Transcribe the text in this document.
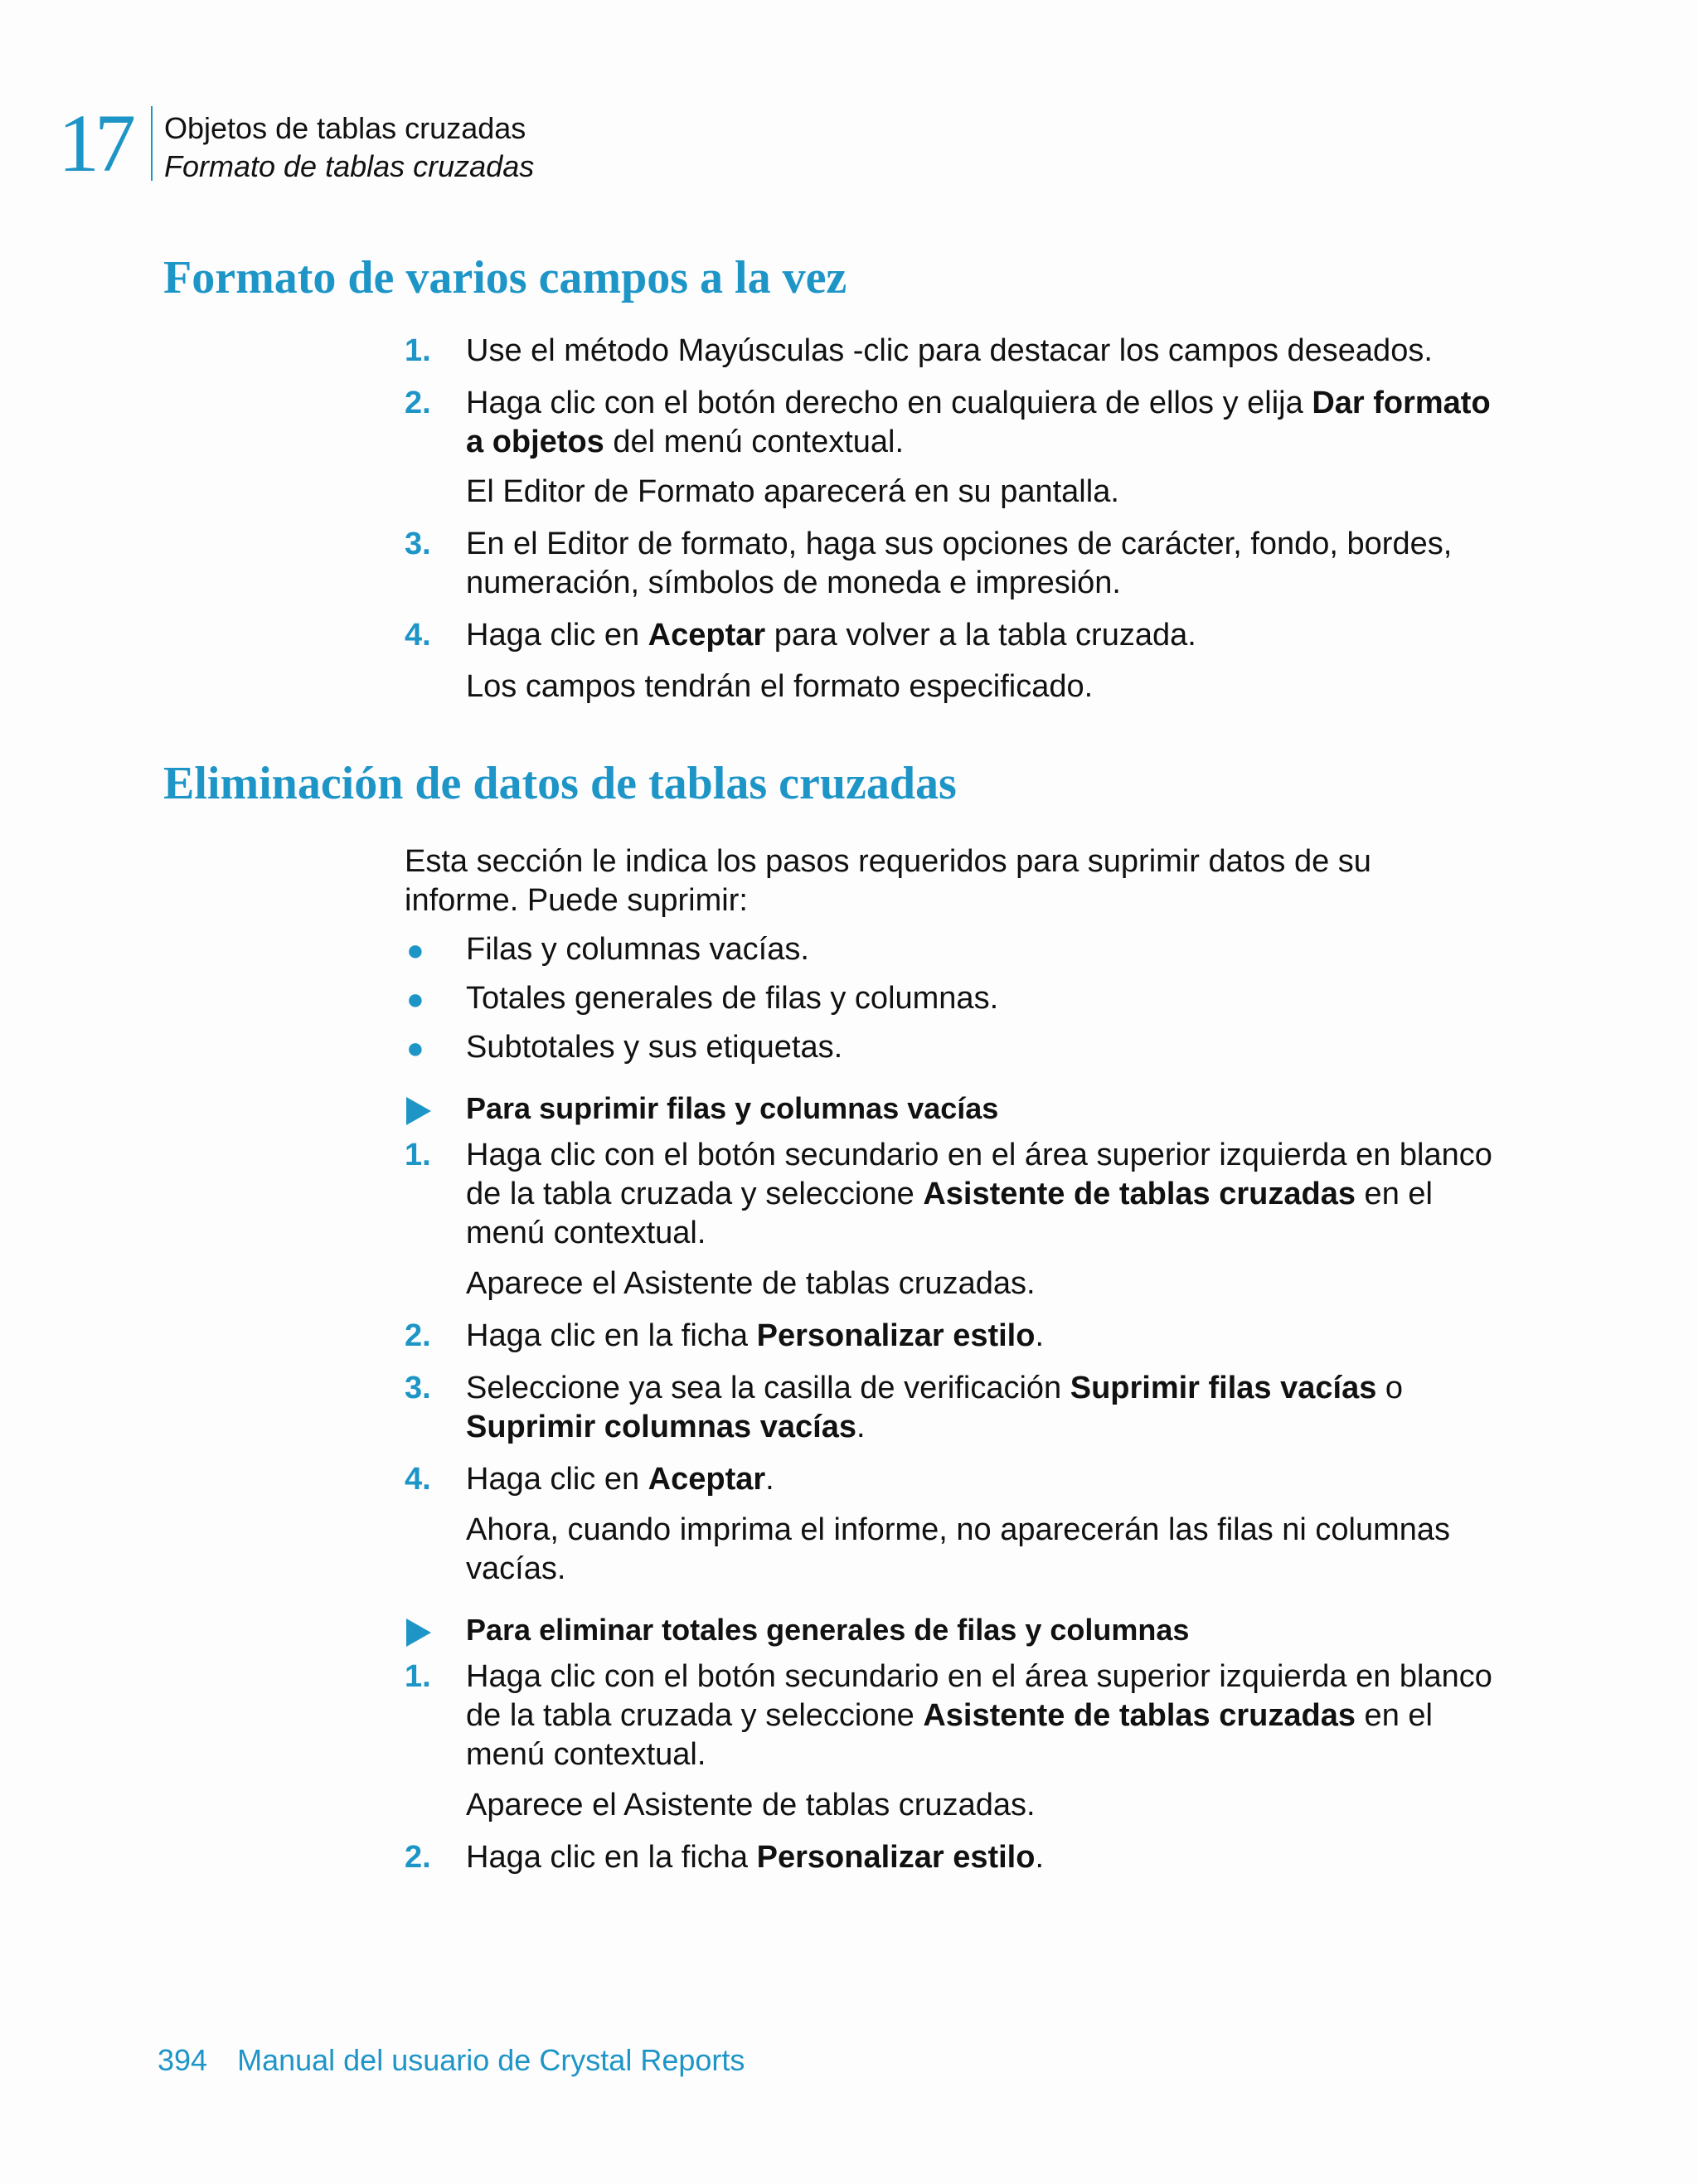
17 Objetos de tablas cruzadas
Formato de tablas cruzadas
Formato de varios campos a la vez
1. Use el método Mayúsculas -clic para destacar los campos deseados.

2. Haga clic con el botón derecho en cualquiera de ellos y elija Dar formato a objetos del menú contextual.

El Editor de Formato aparecerá en su pantalla.

3. En el Editor de formato, haga sus opciones de carácter, fondo, bordes, numeración, símbolos de moneda e impresión.

4. Haga clic en Aceptar para volver a la tabla cruzada.

Los campos tendrán el formato especificado.

Eliminación de datos de tablas cruzadas

Esta sección le indica los pasos requeridos para suprimir datos de su informe. Puede suprimir:

● Filas y columnas vacías.

● Totales generales de filas y columnas.

● Subtotales y sus etiquetas.

Para suprimir filas y columnas vacías

1. Haga clic con el botón secundario en el área superior izquierda en blanco de la tabla cruzada y seleccione Asistente de tablas cruzadas en el menú contextual.

Aparece el Asistente de tablas cruzadas.

2. Haga clic en la ficha Personalizar estilo.

3. Seleccione ya sea la casilla de verificación Suprimir filas vacías o Suprimir columnas vacías.

4. Haga clic en Aceptar.

Ahora, cuando imprima el informe, no aparecerán las filas ni columnas vacías.

Para eliminar totales generales de filas y columnas

1. Haga clic con el botón secundario en el área superior izquierda en blanco de la tabla cruzada y seleccione Asistente de tablas cruzadas en el menú contextual.

Aparece el Asistente de tablas cruzadas.

2. Haga clic en la ficha Personalizar estilo.

394 Manual del usuario de Crystal Reports
